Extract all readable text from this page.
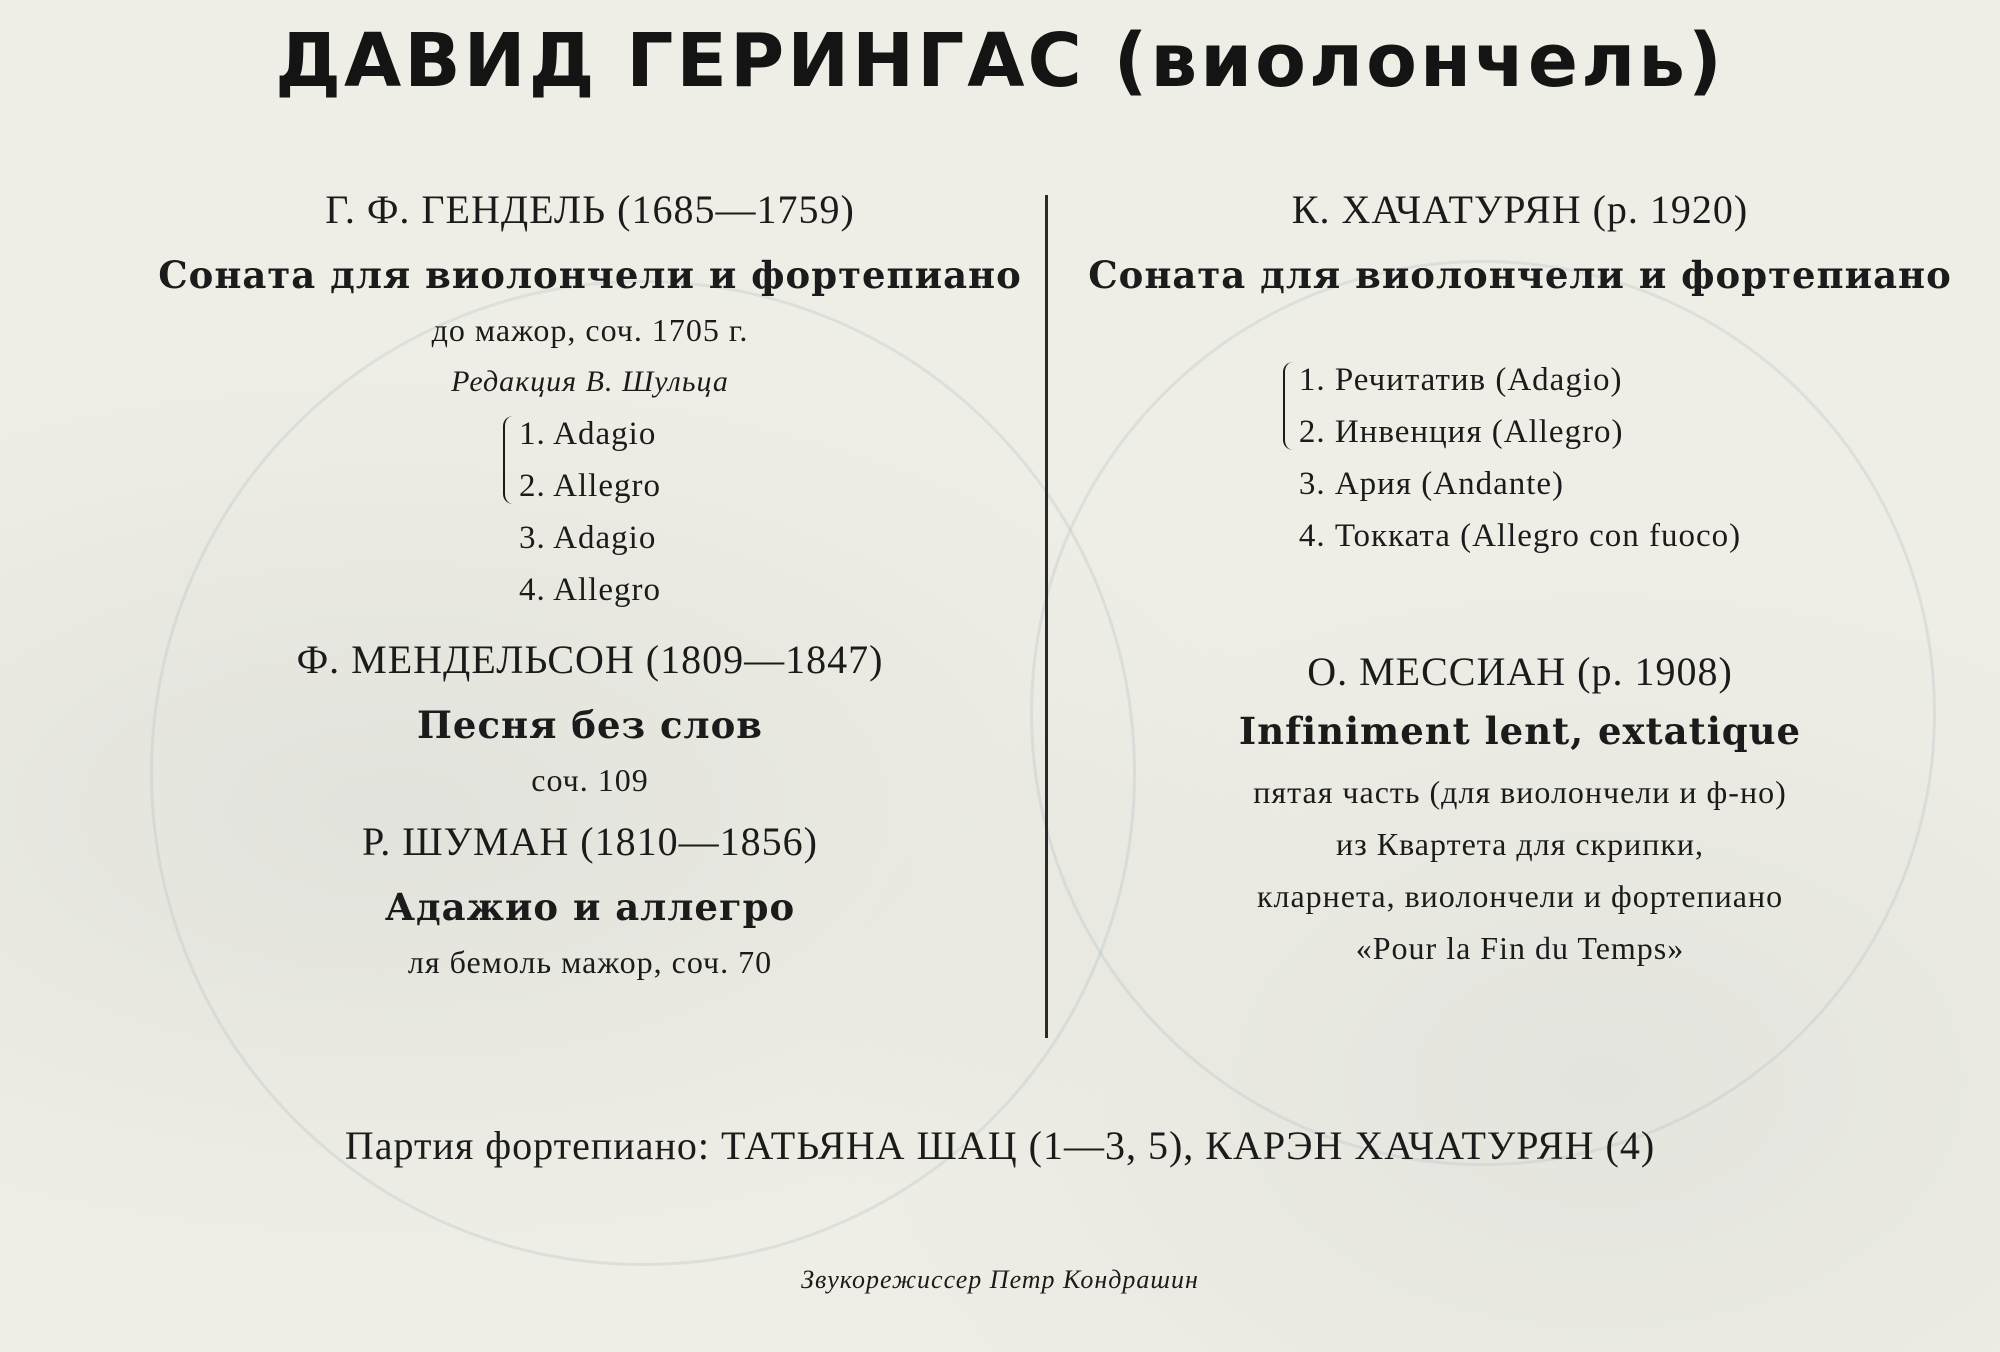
ДАВИД ГЕРИНГАС (виолончель)
Г. Ф. ГЕНДЕЛЬ (1685—1759)
Соната для виолончели и фортепиано
до мажор, соч. 1705 г.
Редакция В. Шульца
1. Adagio
2. Allegro
3. Adagio
4. Allegro
Ф. МЕНДЕЛЬСОН (1809—1847)
Песня без слов
соч. 109
Р. ШУМАН (1810—1856)
Адажио и аллегро
ля бемоль мажор, соч. 70
К. ХАЧАТУРЯН (р. 1920)
Соната для виолончели и фортепиано
1. Речитатив (Adagio)
2. Инвенция (Allegro)
3. Ария (Andante)
4. Токката (Allegro con fuoco)
О. МЕССИАН (р. 1908)
Infiniment lent, extatique
пятая часть (для виолончели и ф-но)
из Квартета для скрипки,
кларнета, виолончели и фортепиано
«Pour la Fin du Temps»
Партия фортепиано: ТАТЬЯНА ШАЦ (1—3, 5), КАРЭН ХАЧАТУРЯН (4)
Звукорежиссер Петр Кондрашин
